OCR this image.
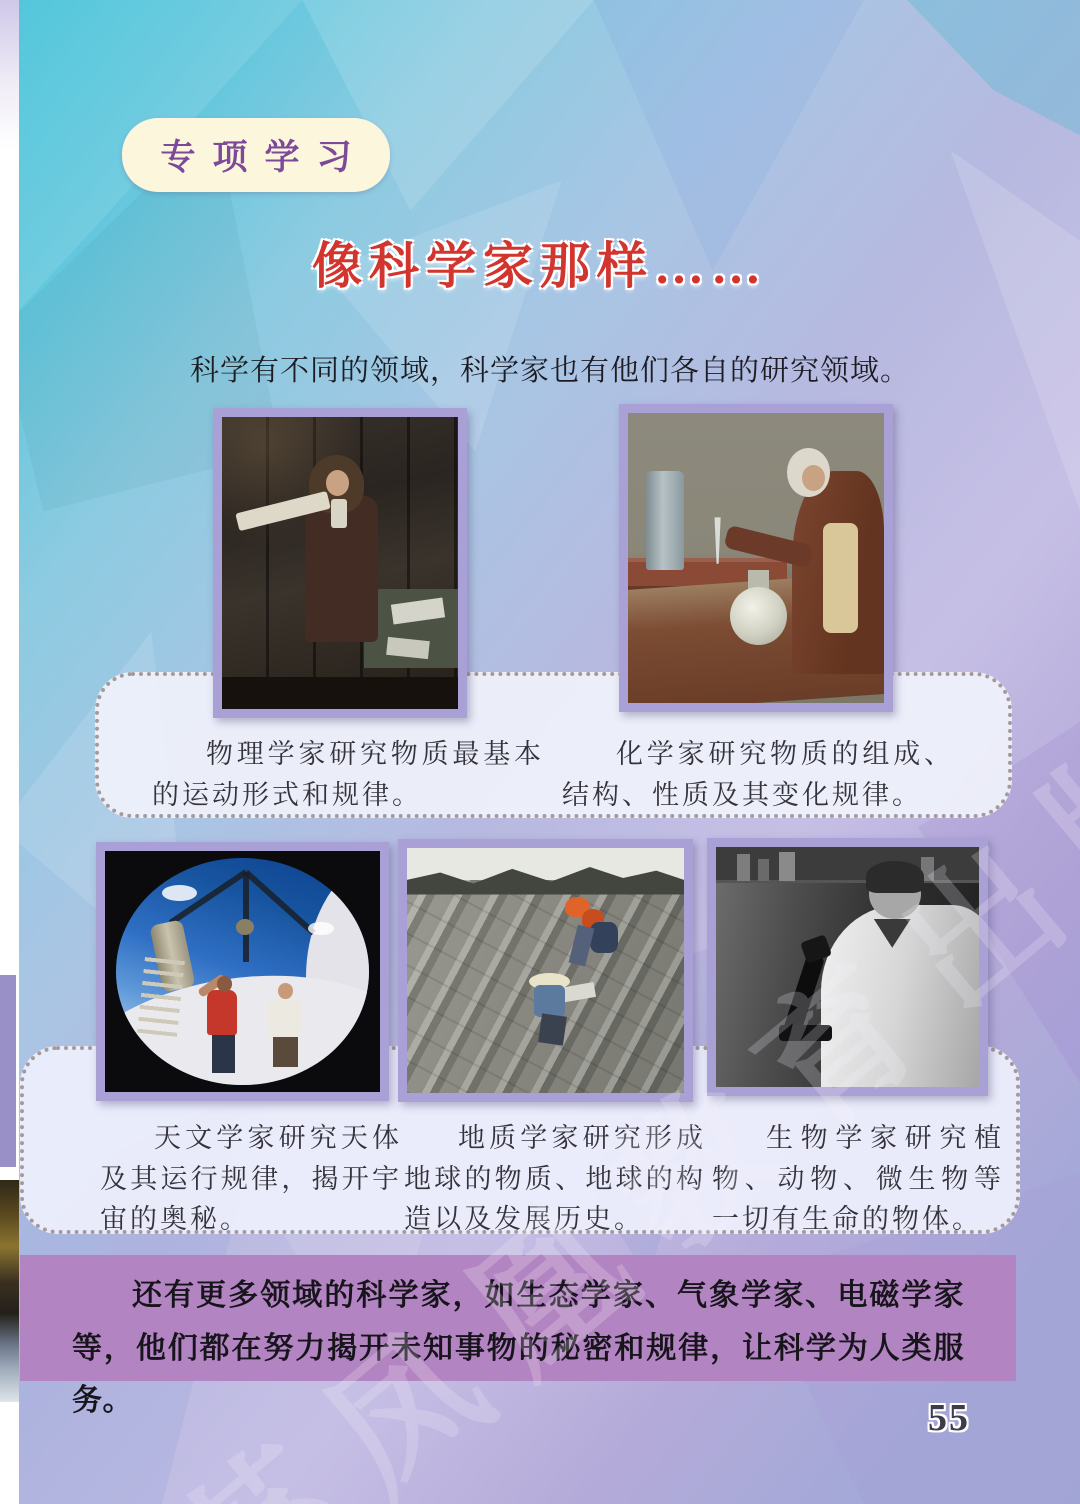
专项学习
像科学家那样……
科学有不同的领域，科学家也有他们各自的研究领域。
物理学家研究物质最基本的运动形式和规律。
化学家研究物质的组成、结构、性质及其变化规律。
天文学家研究天体及其运行规律，揭开宇宙的奥秘。
地质学家研究形成地球的物质、地球的构造以及发展历史。
生物学家研究植物、动物、微生物等一切有生命的物体。

还有更多领域的科学家，如生态学家、气象学家、电磁学家等，他们都在努力揭开未知事物的秘密和规律，让科学为人类服务。	55
